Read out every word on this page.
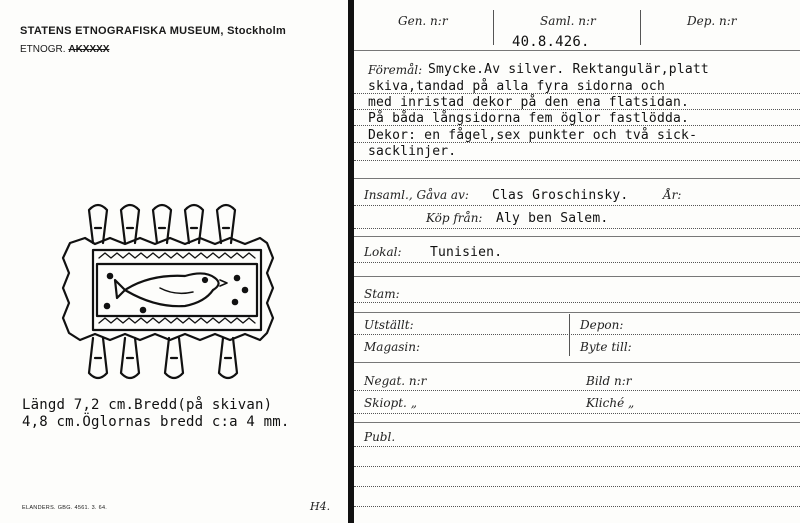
STATENS ETNOGRAFISKA MUSEUM, Stockholm
ETNOGR. AKXXXX
Längd 7,2 cm.Bredd(på skivan)
4,8 cm.Öglornas bredd c:a 4 mm.
ELANDERS. GBG. 4561. 3. 64.	H4.
Gen. n:r	Saml. n:r	Dep. n:r
40.8.426.
Föremål: Smycke.Av silver. Rektangulär,platt
skiva,tandad på alla fyra sidorna och
med inristad dekor på den ena flatsidan.
På båda långsidorna fem öglor fastlödda.
Dekor: en fågel,sex punkter och två sick-
sacklinjer.
Insaml., Gåva av: Clas Groschinsky.	År:
Köp från: Aly ben Salem.
Lokal: Tunisien.
Stam:
Utställt:	Depon:
Magasin:	Byte till:
Negat. n:r	Bild n:r
Skiopt. „	Kliché „
Publ.
